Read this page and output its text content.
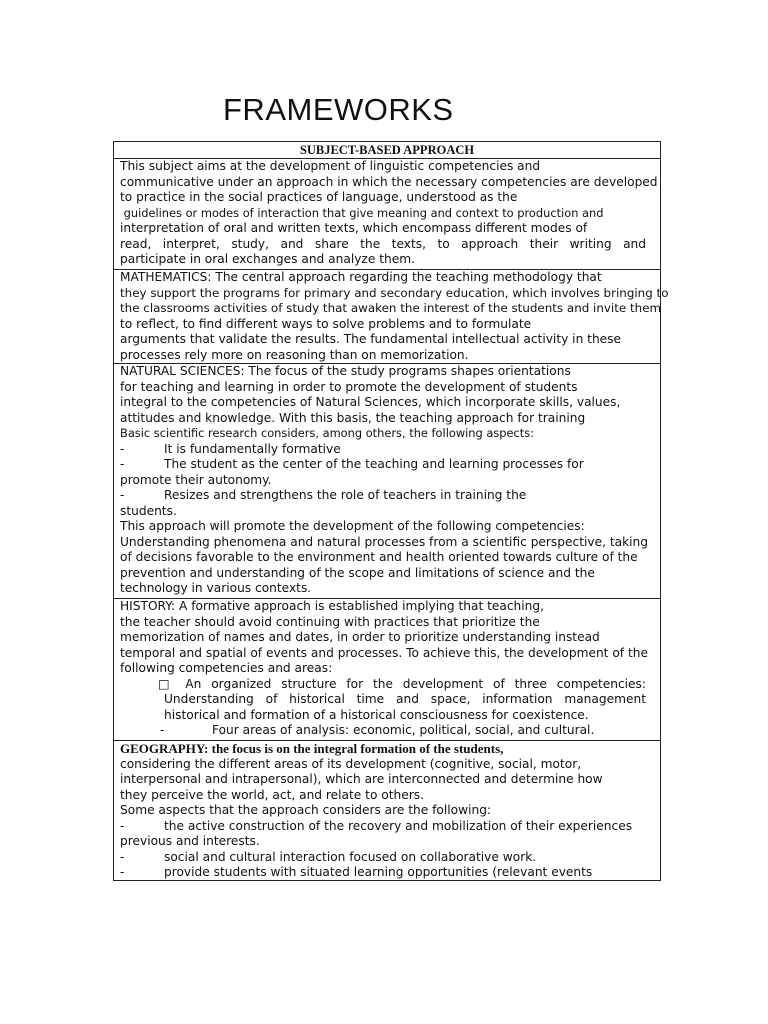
FRAMEWORKS
SUBJECT-BASED APPROACH
This subject aims at the development of linguistic competencies and
communicative under an approach in which the necessary competencies are developed
to practice in the social practices of language, understood as the
guidelines or modes of interaction that give meaning and context to production and
interpretation of oral and written texts, which encompass different modes of
read, interpret, study, and share the texts, to approach their writing and
participate in oral exchanges and analyze them.
MATHEMATICS: The central approach regarding the teaching methodology that
they support the programs for primary and secondary education, which involves bringing to
the classrooms activities of study that awaken the interest of the students and invite them
to reflect, to find different ways to solve problems and to formulate
arguments that validate the results. The fundamental intellectual activity in these
processes rely more on reasoning than on memorization.
NATURAL SCIENCES: The focus of the study programs shapes orientations
for teaching and learning in order to promote the development of students
integral to the competencies of Natural Sciences, which incorporate skills, values,
attitudes and knowledge. With this basis, the teaching approach for training
Basic scientific research considers, among others, the following aspects:
-	It is fundamentally formative
-	The student as the center of the teaching and learning processes for
promote their autonomy.
-	Resizes and strengthens the role of teachers in training the
students.
This approach will promote the development of the following competencies:
Understanding phenomena and natural processes from a scientific perspective, taking
of decisions favorable to the environment and health oriented towards culture of the
prevention and understanding of the scope and limitations of science and the
technology in various contexts.
HISTORY: A formative approach is established implying that teaching,
the teacher should avoid continuing with practices that prioritize the
memorization of names and dates, in order to prioritize understanding instead
temporal and spatial of events and processes. To achieve this, the development of the
following competencies and areas:
□ An organized structure for the development of three competencies:
Understanding of historical time and space, information management
historical and formation of a historical consciousness for coexistence.
-	Four areas of analysis: economic, political, social, and cultural.
GEOGRAPHY: the focus is on the integral formation of the students,
considering the different areas of its development (cognitive, social, motor,
interpersonal and intrapersonal), which are interconnected and determine how
they perceive the world, act, and relate to others.
Some aspects that the approach considers are the following:
-	the active construction of the recovery and mobilization of their experiences
previous and interests.
-	social and cultural interaction focused on collaborative work.
-	provide students with situated learning opportunities (relevant events
